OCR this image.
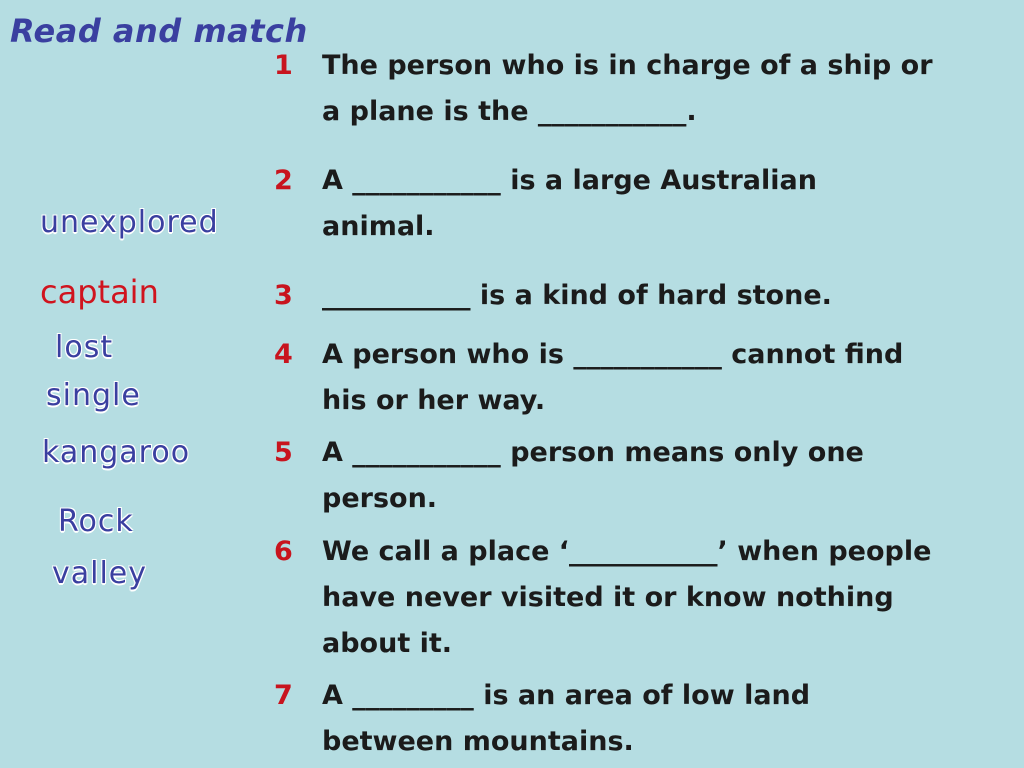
Read and match
unexplored
captain
lost
single
kangaroo
Rock
valley
1	The person who is in charge of a ship or
a plane is the ___________.
2	A ___________ is a large Australian
animal.
3	___________ is a kind of hard stone.
4	A person who is ___________ cannot find
his or her way.
5	A ___________ person means only one
person.
6	We call a place ‘___________’ when people
have never visited it or know nothing
about it.
7	A _________ is an area of low land
between mountains.
